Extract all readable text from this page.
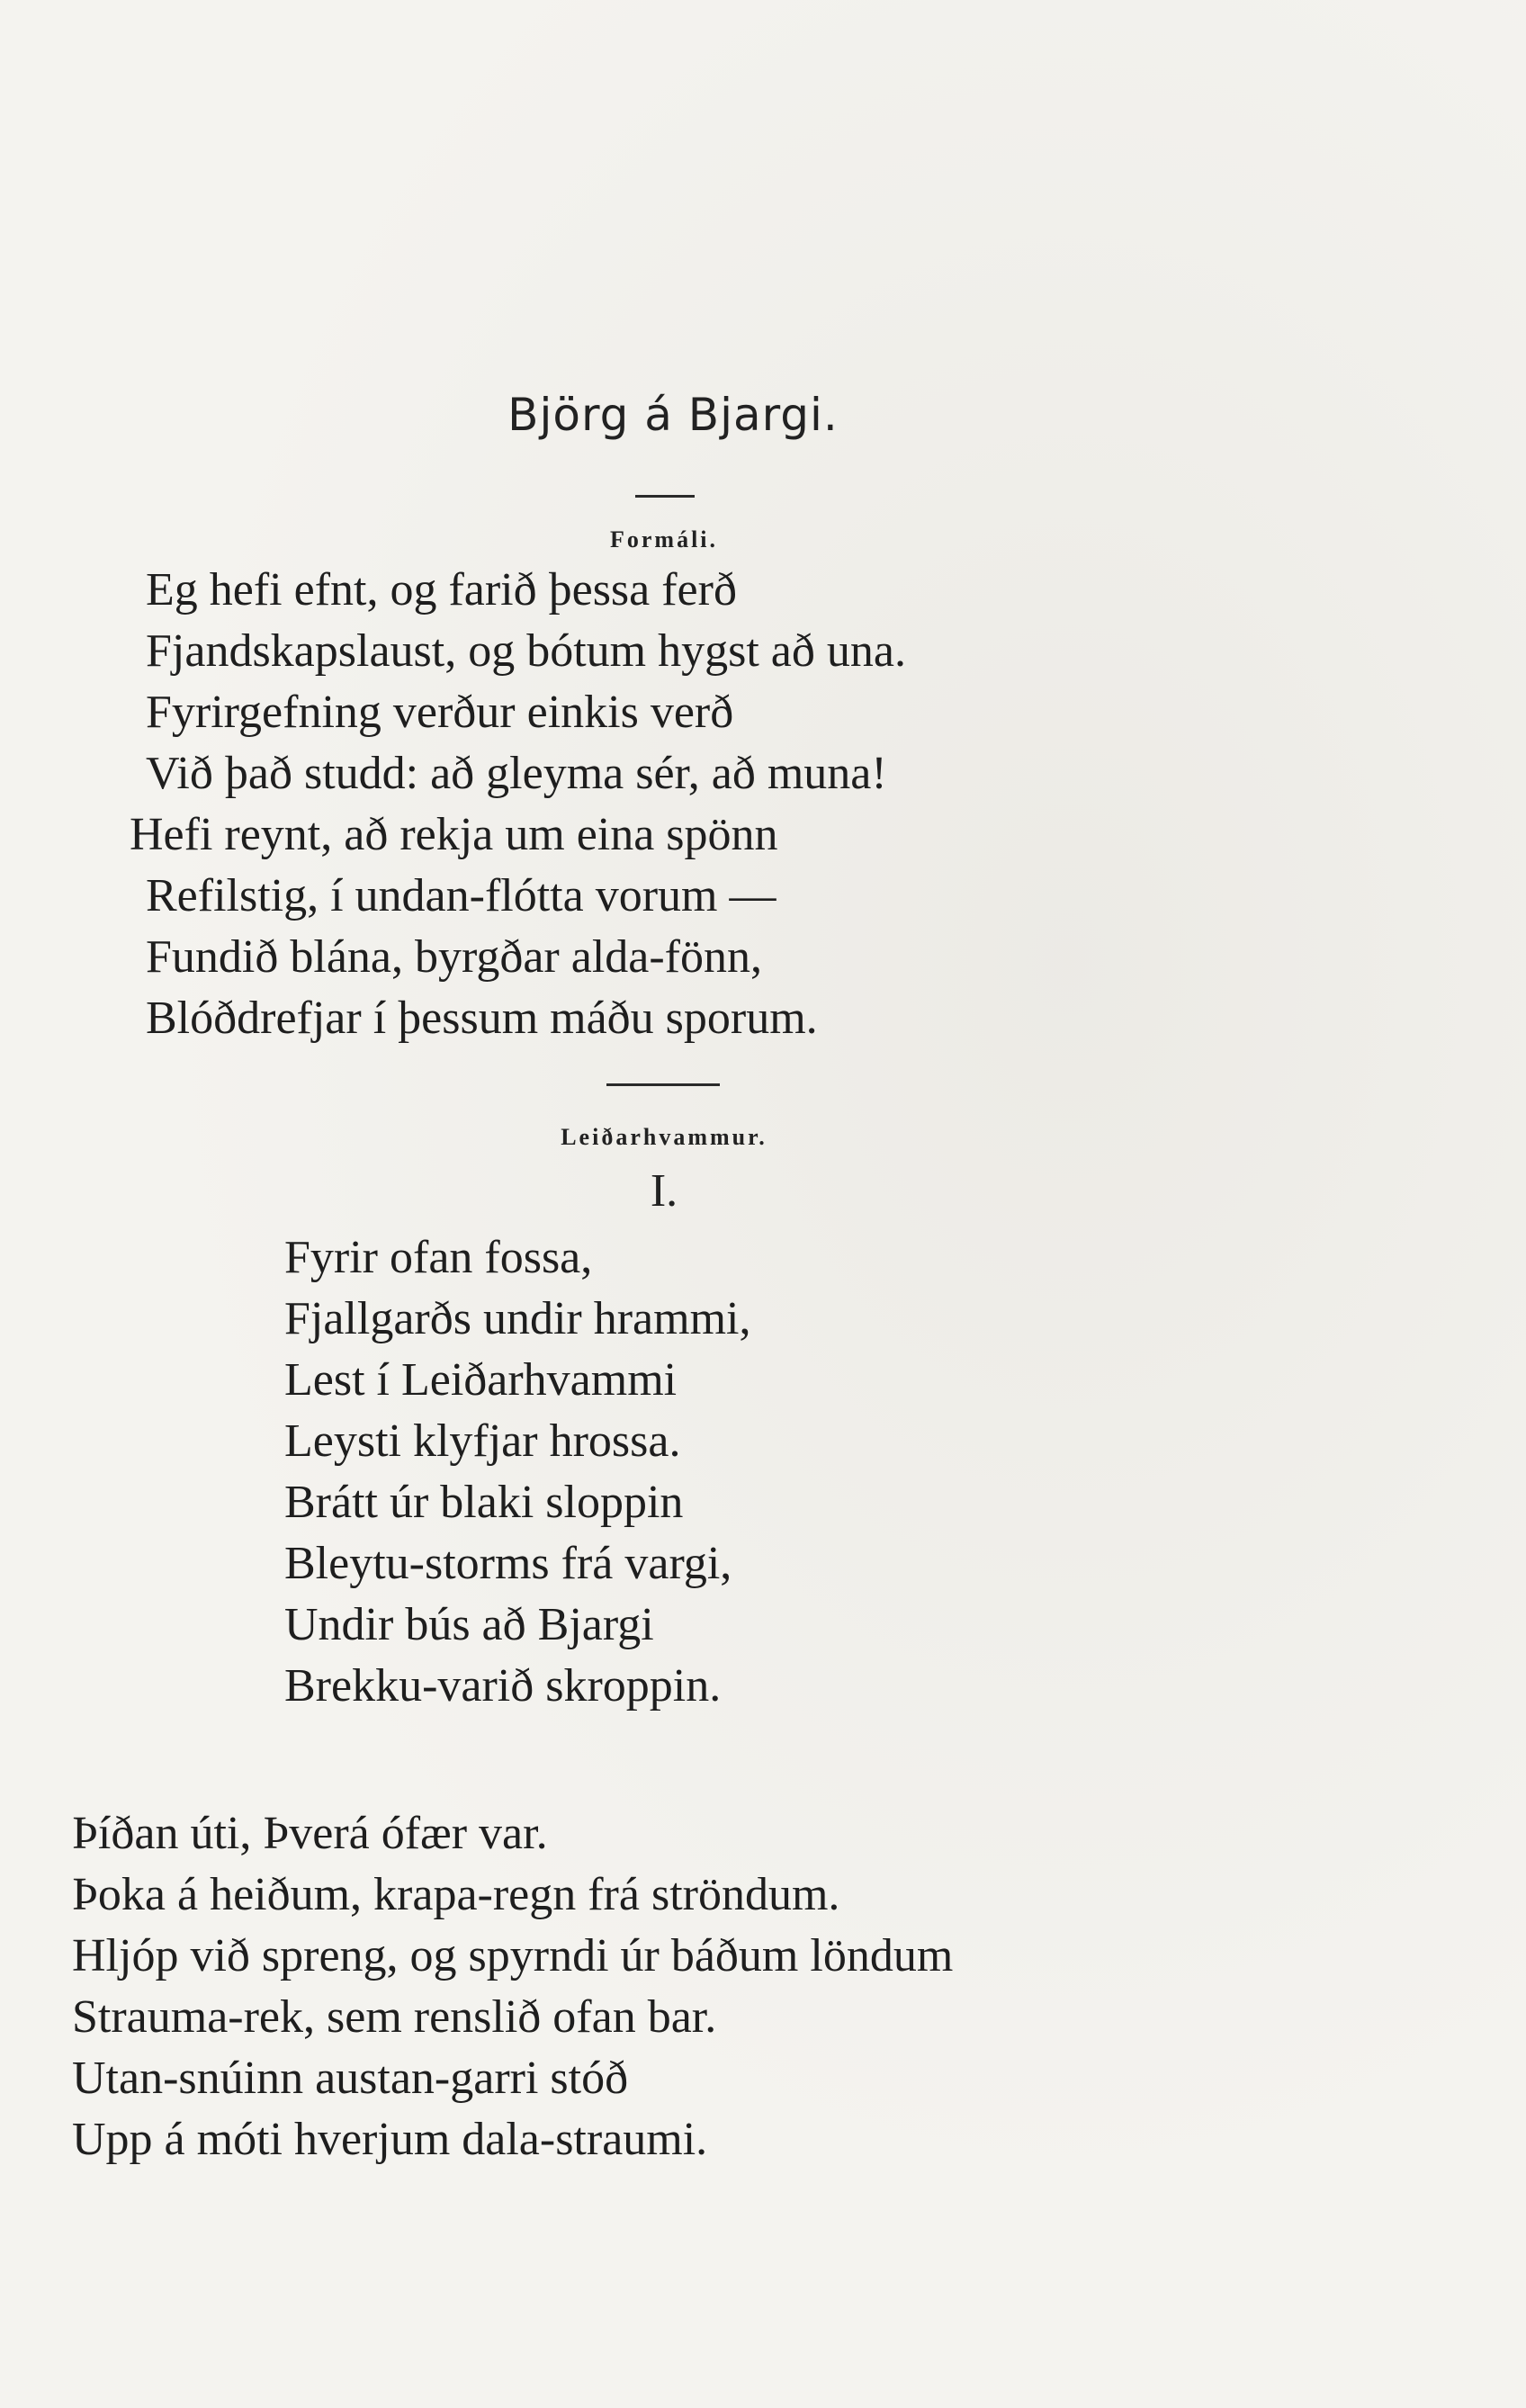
Björg á Bjargi.
Formáli.
Eg hefi efnt, og farið þessa ferð
Fjandskapslaust, og bótum hygst að una.
Fyrirgefning verður einkis verð
Við það studd: að gleyma sér, að muna!
Hefi reynt, að rekja um eina spönn
Refilstig, í undan-flótta vorum —
Fundið blána, byrgðar alda-fönn,
Blóðdrefjar í þessum máðu sporum.
Leiðarhvammur.
I.
Fyrir ofan fossa,
Fjallgarðs undir hrammi,
Lest í Leiðarhvammi
Leysti klyfjar hrossa.
Brátt úr blaki sloppin
Bleytu-storms frá vargi,
Undir bús að Bjargi
Brekku-varið skroppin.
Þíðan úti, Þverá ófær var.
Þoka á heiðum, krapa-regn frá ströndum.
Hljóp við spreng, og spyrndi úr báðum löndum
Strauma-rek, sem renslið ofan bar.
Utan-snúinn austan-garri stóð
Upp á móti hverjum dala-straumi.
